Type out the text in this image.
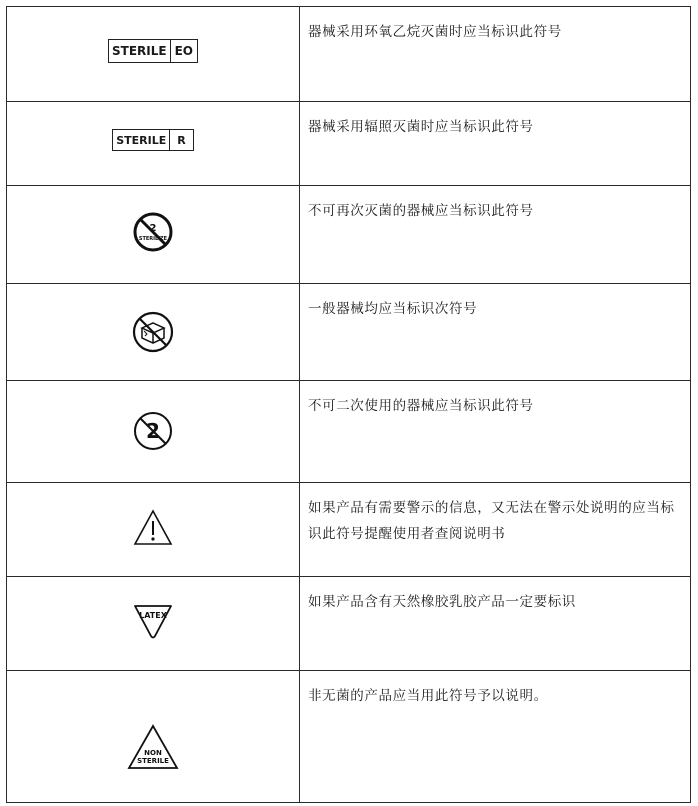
STERILE EO	器械采用环氧乙烷灭菌时应当标识此符号

STERILE R	器械采用辐照灭菌时应当标识此符号

2
STERILIZE	不可再次灭菌的器械应当标识此符号

	一般器械均应当标识次符号

2	不可二次使用的器械应当标识此符号

	如果产品有需要警示的信息，又无法在警示处说明的应当标识此符号提醒使用者查阅说明书

LATEX	如果产品含有天然橡胶乳胶产品一定要标识

NON
STERILE	非无菌的产品应当用此符号予以说明。
